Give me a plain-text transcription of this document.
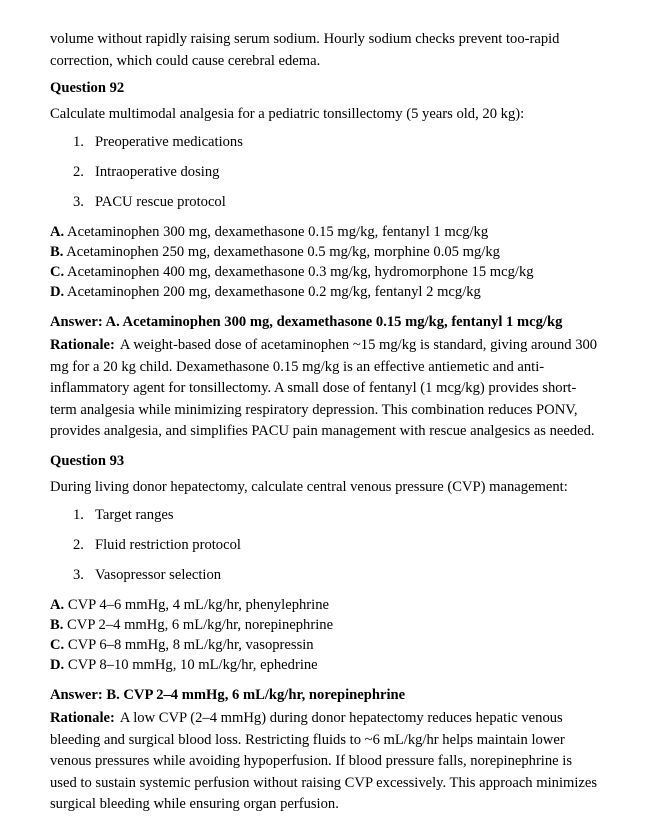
volume without rapidly raising serum sodium. Hourly sodium checks prevent too-rapid correction, which could cause cerebral edema.
Question 92
Calculate multimodal analgesia for a pediatric tonsillectomy (5 years old, 20 kg):
1. Preoperative medications
2. Intraoperative dosing
3. PACU rescue protocol
A. Acetaminophen 300 mg, dexamethasone 0.15 mg/kg, fentanyl 1 mcg/kg
B. Acetaminophen 250 mg, dexamethasone 0.5 mg/kg, morphine 0.05 mg/kg
C. Acetaminophen 400 mg, dexamethasone 0.3 mg/kg, hydromorphone 15 mcg/kg
D. Acetaminophen 200 mg, dexamethasone 0.2 mg/kg, fentanyl 2 mcg/kg
Answer: A. Acetaminophen 300 mg, dexamethasone 0.15 mg/kg, fentanyl 1 mcg/kg
Rationale: A weight-based dose of acetaminophen ~15 mg/kg is standard, giving around 300 mg for a 20 kg child. Dexamethasone 0.15 mg/kg is an effective antiemetic and anti-inflammatory agent for tonsillectomy. A small dose of fentanyl (1 mcg/kg) provides short-term analgesia while minimizing respiratory depression. This combination reduces PONV, provides analgesia, and simplifies PACU pain management with rescue analgesics as needed.
Question 93
During living donor hepatectomy, calculate central venous pressure (CVP) management:
1. Target ranges
2. Fluid restriction protocol
3. Vasopressor selection
A. CVP 4–6 mmHg, 4 mL/kg/hr, phenylephrine
B. CVP 2–4 mmHg, 6 mL/kg/hr, norepinephrine
C. CVP 6–8 mmHg, 8 mL/kg/hr, vasopressin
D. CVP 8–10 mmHg, 10 mL/kg/hr, ephedrine
Answer: B. CVP 2–4 mmHg, 6 mL/kg/hr, norepinephrine
Rationale: A low CVP (2–4 mmHg) during donor hepatectomy reduces hepatic venous bleeding and surgical blood loss. Restricting fluids to ~6 mL/kg/hr helps maintain lower venous pressures while avoiding hypoperfusion. If blood pressure falls, norepinephrine is used to sustain systemic perfusion without raising CVP excessively. This approach minimizes surgical bleeding while ensuring organ perfusion.
